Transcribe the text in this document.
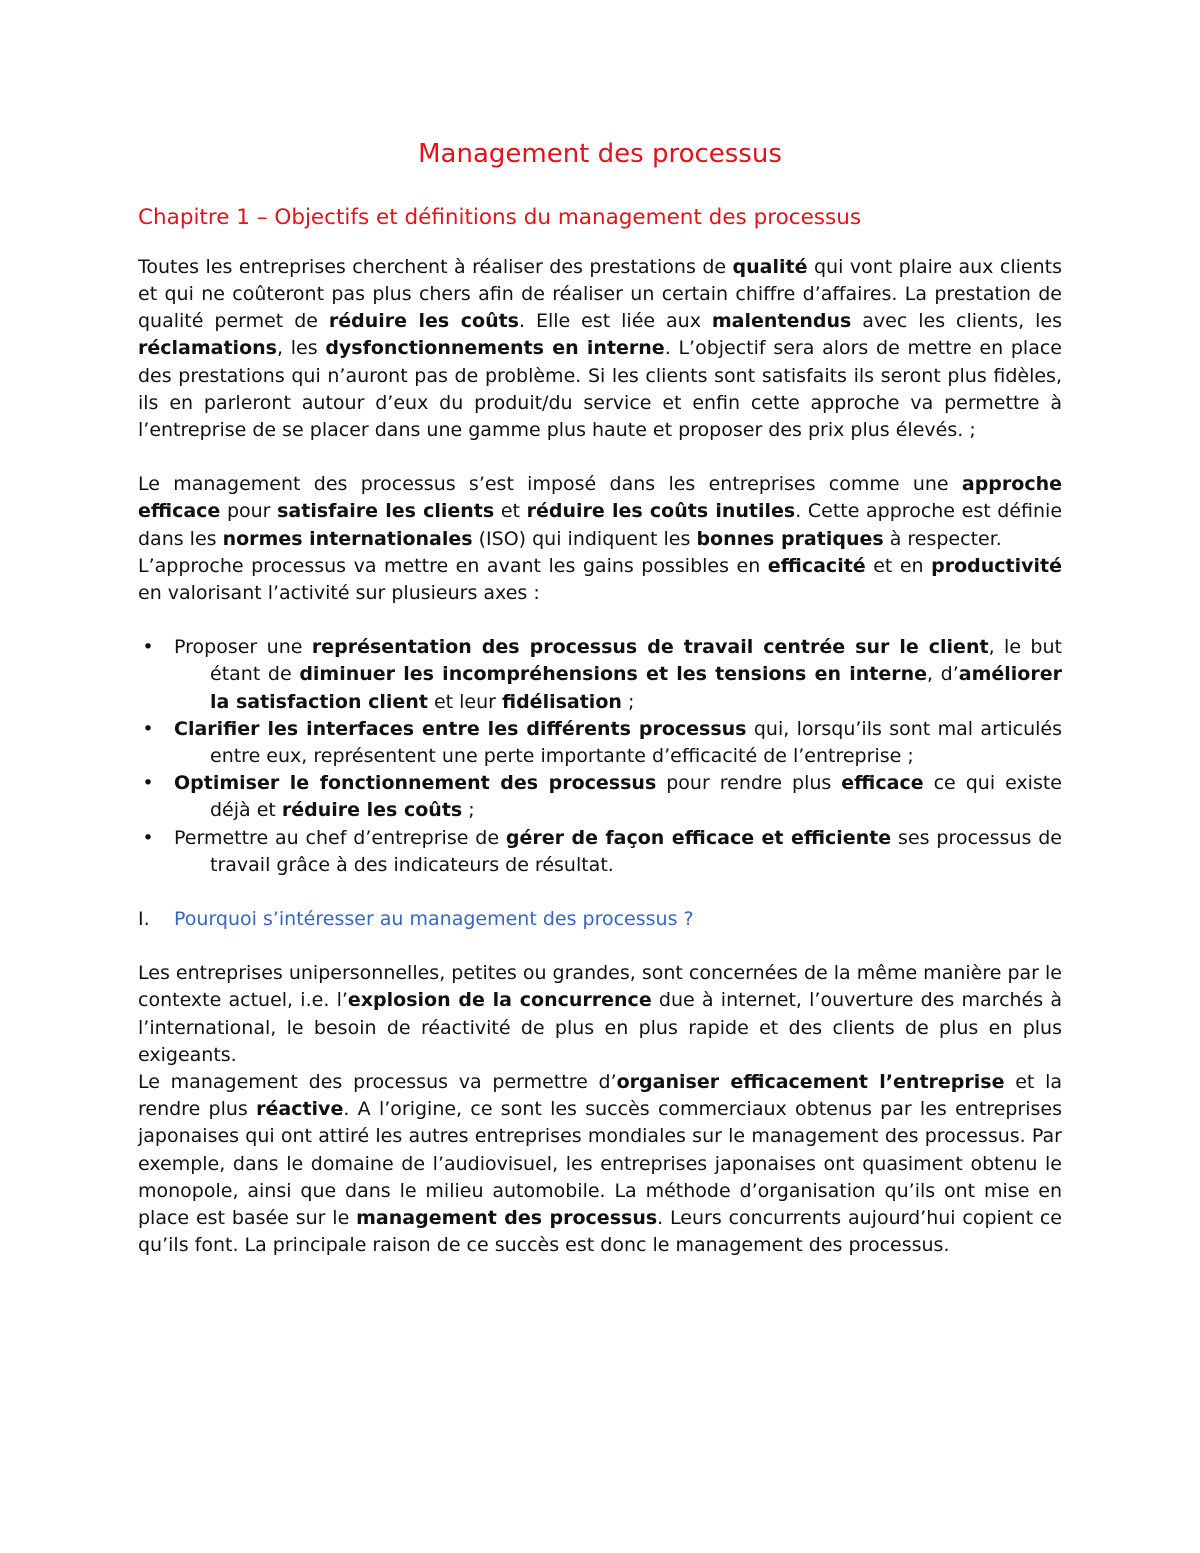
Management des processus
Chapitre 1 – Objectifs et définitions du management des processus

Toutes les entreprises cherchent à réaliser des prestations de qualité qui vont plaire aux clients et qui ne coûteront pas plus chers afin de réaliser un certain chiffre d’affaires. La prestation de qualité permet de réduire les coûts. Elle est liée aux malentendus avec les clients, les réclamations, les dysfonctionnements en interne. L’objectif sera alors de mettre en place des prestations qui n’auront pas de problème. Si les clients sont satisfaits ils seront plus fidèles, ils en parleront autour d’eux du produit/du service et enfin cette approche va permettre à l’entreprise de se placer dans une gamme plus haute et proposer des prix plus élevés. ;

Le management des processus s’est imposé dans les entreprises comme une approche efficace pour satisfaire les clients et réduire les coûts inutiles. Cette approche est définie dans les normes internationales (ISO) qui indiquent les bonnes pratiques à respecter.

L’approche processus va mettre en avant les gains possibles en efficacité et en productivité en valorisant l’activité sur plusieurs axes :

• Proposer une représentation des processus de travail centrée sur le client, le but étant de diminuer les incompréhensions et les tensions en interne, d’améliorer la satisfaction client et leur fidélisation ;
• Clarifier les interfaces entre les différents processus qui, lorsqu’ils sont mal articulés entre eux, représentent une perte importante d’efficacité de l’entreprise ;
• Optimiser le fonctionnement des processus pour rendre plus efficace ce qui existe déjà et réduire les coûts ;
• Permettre au chef d’entreprise de gérer de façon efficace et efficiente ses processus de travail grâce à des indicateurs de résultat.

I. Pourquoi s’intéresser au management des processus ?

Les entreprises unipersonnelles, petites ou grandes, sont concernées de la même manière par le contexte actuel, i.e. l’explosion de la concurrence due à internet, l’ouverture des marchés à l’international, le besoin de réactivité de plus en plus rapide et des clients de plus en plus exigeants.

Le management des processus va permettre d’organiser efficacement l’entreprise et la rendre plus réactive. A l’origine, ce sont les succès commerciaux obtenus par les entreprises japonaises qui ont attiré les autres entreprises mondiales sur le management des processus. Par exemple, dans le domaine de l’audiovisuel, les entreprises japonaises ont quasiment obtenu le monopole, ainsi que dans le milieu automobile. La méthode d’organisation qu’ils ont mise en place est basée sur le management des processus. Leurs concurrents aujourd’hui copient ce qu’ils font. La principale raison de ce succès est donc le management des processus.
